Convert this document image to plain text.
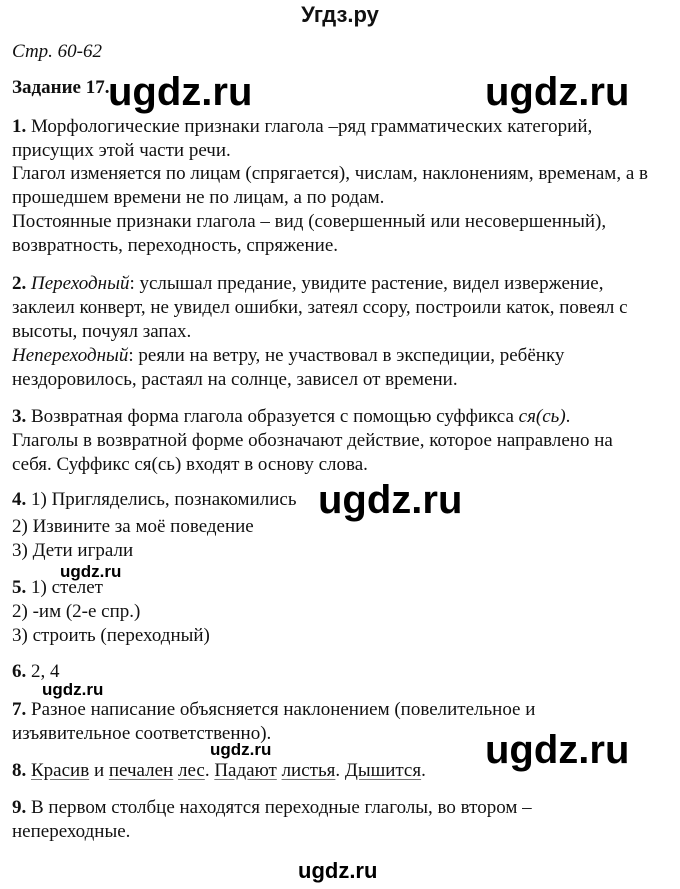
Угдз.ру
Стр. 60-62
Задание 17.
1. Морфологические признаки глагола –ряд грамматических категорий,
присущих этой части речи.
Глагол изменяется по лицам (спрягается), числам, наклонениям, временам, а в
прошедшем времени не по лицам, а по родам.
Постоянные признаки глагола – вид (совершенный или несовершенный),
возвратность, переходность, спряжение.
2. Переходный: услышал предание, увидите растение, видел извержение,
заклеил конверт, не увидел ошибки, затеял ссору, построили каток, повеял с
высоты, почуял запах.
Непереходный: реяли на ветру, не участвовал в экспедиции, ребёнку
нездоровилось, растаял на солнце, зависел от времени.
3. Возвратная форма глагола образуется с помощью суффикса ся(сь).
Глаголы в возвратной форме обозначают действие, которое направлено на
себя. Суффикс ся(сь) входят в основу слова.
4. 1) Пригляделись, познакомились
2) Извините за моё поведение
3) Дети играли
5. 1) стелет
2) -им (2-е спр.)
3) строить (переходный)
6. 2, 4
7. Разное написание объясняется наклонением (повелительное и
изъявительное соответственно).
8. Красив и печален лес. Падают листья. Дышится.
9. В первом столбце находятся переходные глаголы, во втором –
непереходные.
ugdz.ru	ugdz.ru
ugdz.ru
ugdz.ru
ugdz.ru
ugdz.ru
ugdz.ru
ugdz.ru
